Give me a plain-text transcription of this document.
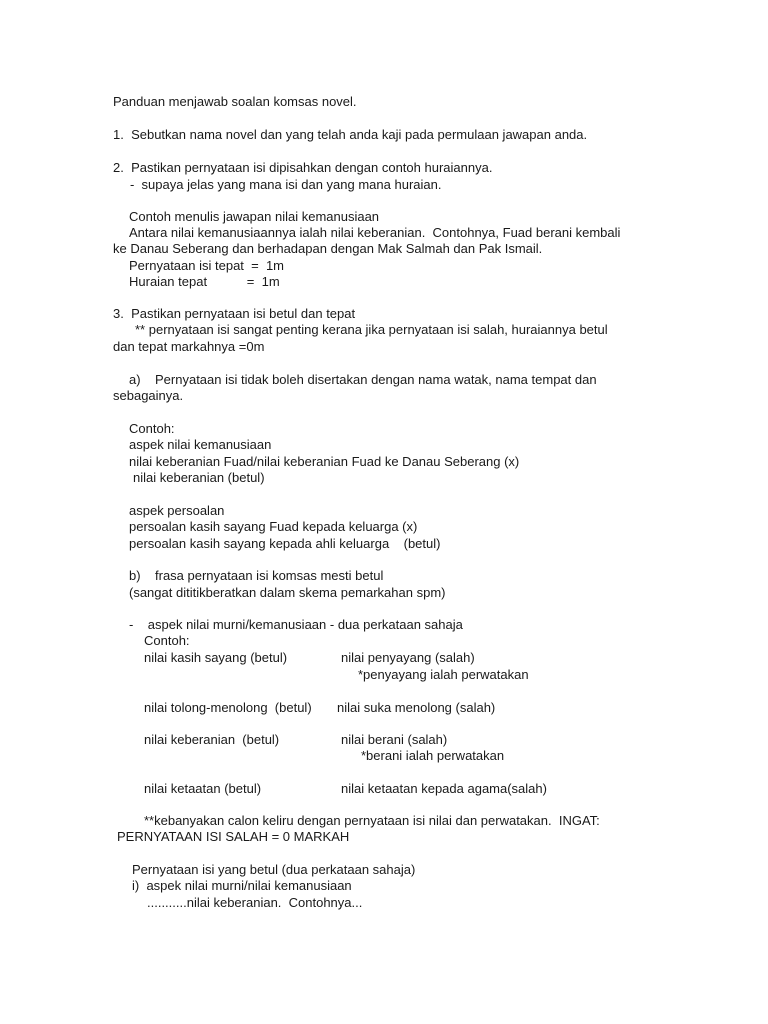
Panduan menjawab soalan komsas novel.

1.  Sebutkan nama novel dan yang telah anda kaji pada permulaan jawapan anda.

2.  Pastikan pernyataan isi dipisahkan dengan contoh huraiannya.

-  supaya jelas yang mana isi dan yang mana huraian.

Contoh menulis jawapan nilai kemanusiaan

Antara nilai kemanusiaannya ialah nilai keberanian.  Contohnya, Fuad berani kembali

ke Danau Seberang dan berhadapan dengan Mak Salmah dan Pak Ismail.

Pernyataan isi tepat  =  1m

Huraian tepat           =  1m

3.  Pastikan pernyataan isi betul dan tepat

** pernyataan isi sangat penting kerana jika pernyataan isi salah, huraiannya betul

dan tepat markahnya =0m

a)    Pernyataan isi tidak boleh disertakan dengan nama watak, nama tempat dan

sebagainya.

Contoh:

aspek nilai kemanusiaan

nilai keberanian Fuad/nilai keberanian Fuad ke Danau Seberang (x)

nilai keberanian (betul)

aspek persoalan

persoalan kasih sayang Fuad kepada keluarga (x)

persoalan kasih sayang kepada ahli keluarga    (betul)

b)    frasa pernyataan isi komsas mesti betul

(sangat dititikberatkan dalam skema pemarkahan spm)

-    aspek nilai murni/kemanusiaan - dua perkataan sahaja

Contoh:

nilai kasih sayang (betul)	nilai penyayang (salah)

*penyayang ialah perwatakan

nilai tolong-menolong  (betul) nilai suka menolong (salah)

nilai keberanian  (betul)	nilai berani (salah)

*berani ialah perwatakan

nilai ketaatan (betul)	nilai ketaatan kepada agama(salah)

**kebanyakan calon keliru dengan pernyataan isi nilai dan perwatakan.  INGAT:

PERNYATAAN ISI SALAH = 0 MARKAH

Pernyataan isi yang betul (dua perkataan sahaja)

i)  aspek nilai murni/nilai kemanusiaan

...........nilai keberanian.  Contohnya...
